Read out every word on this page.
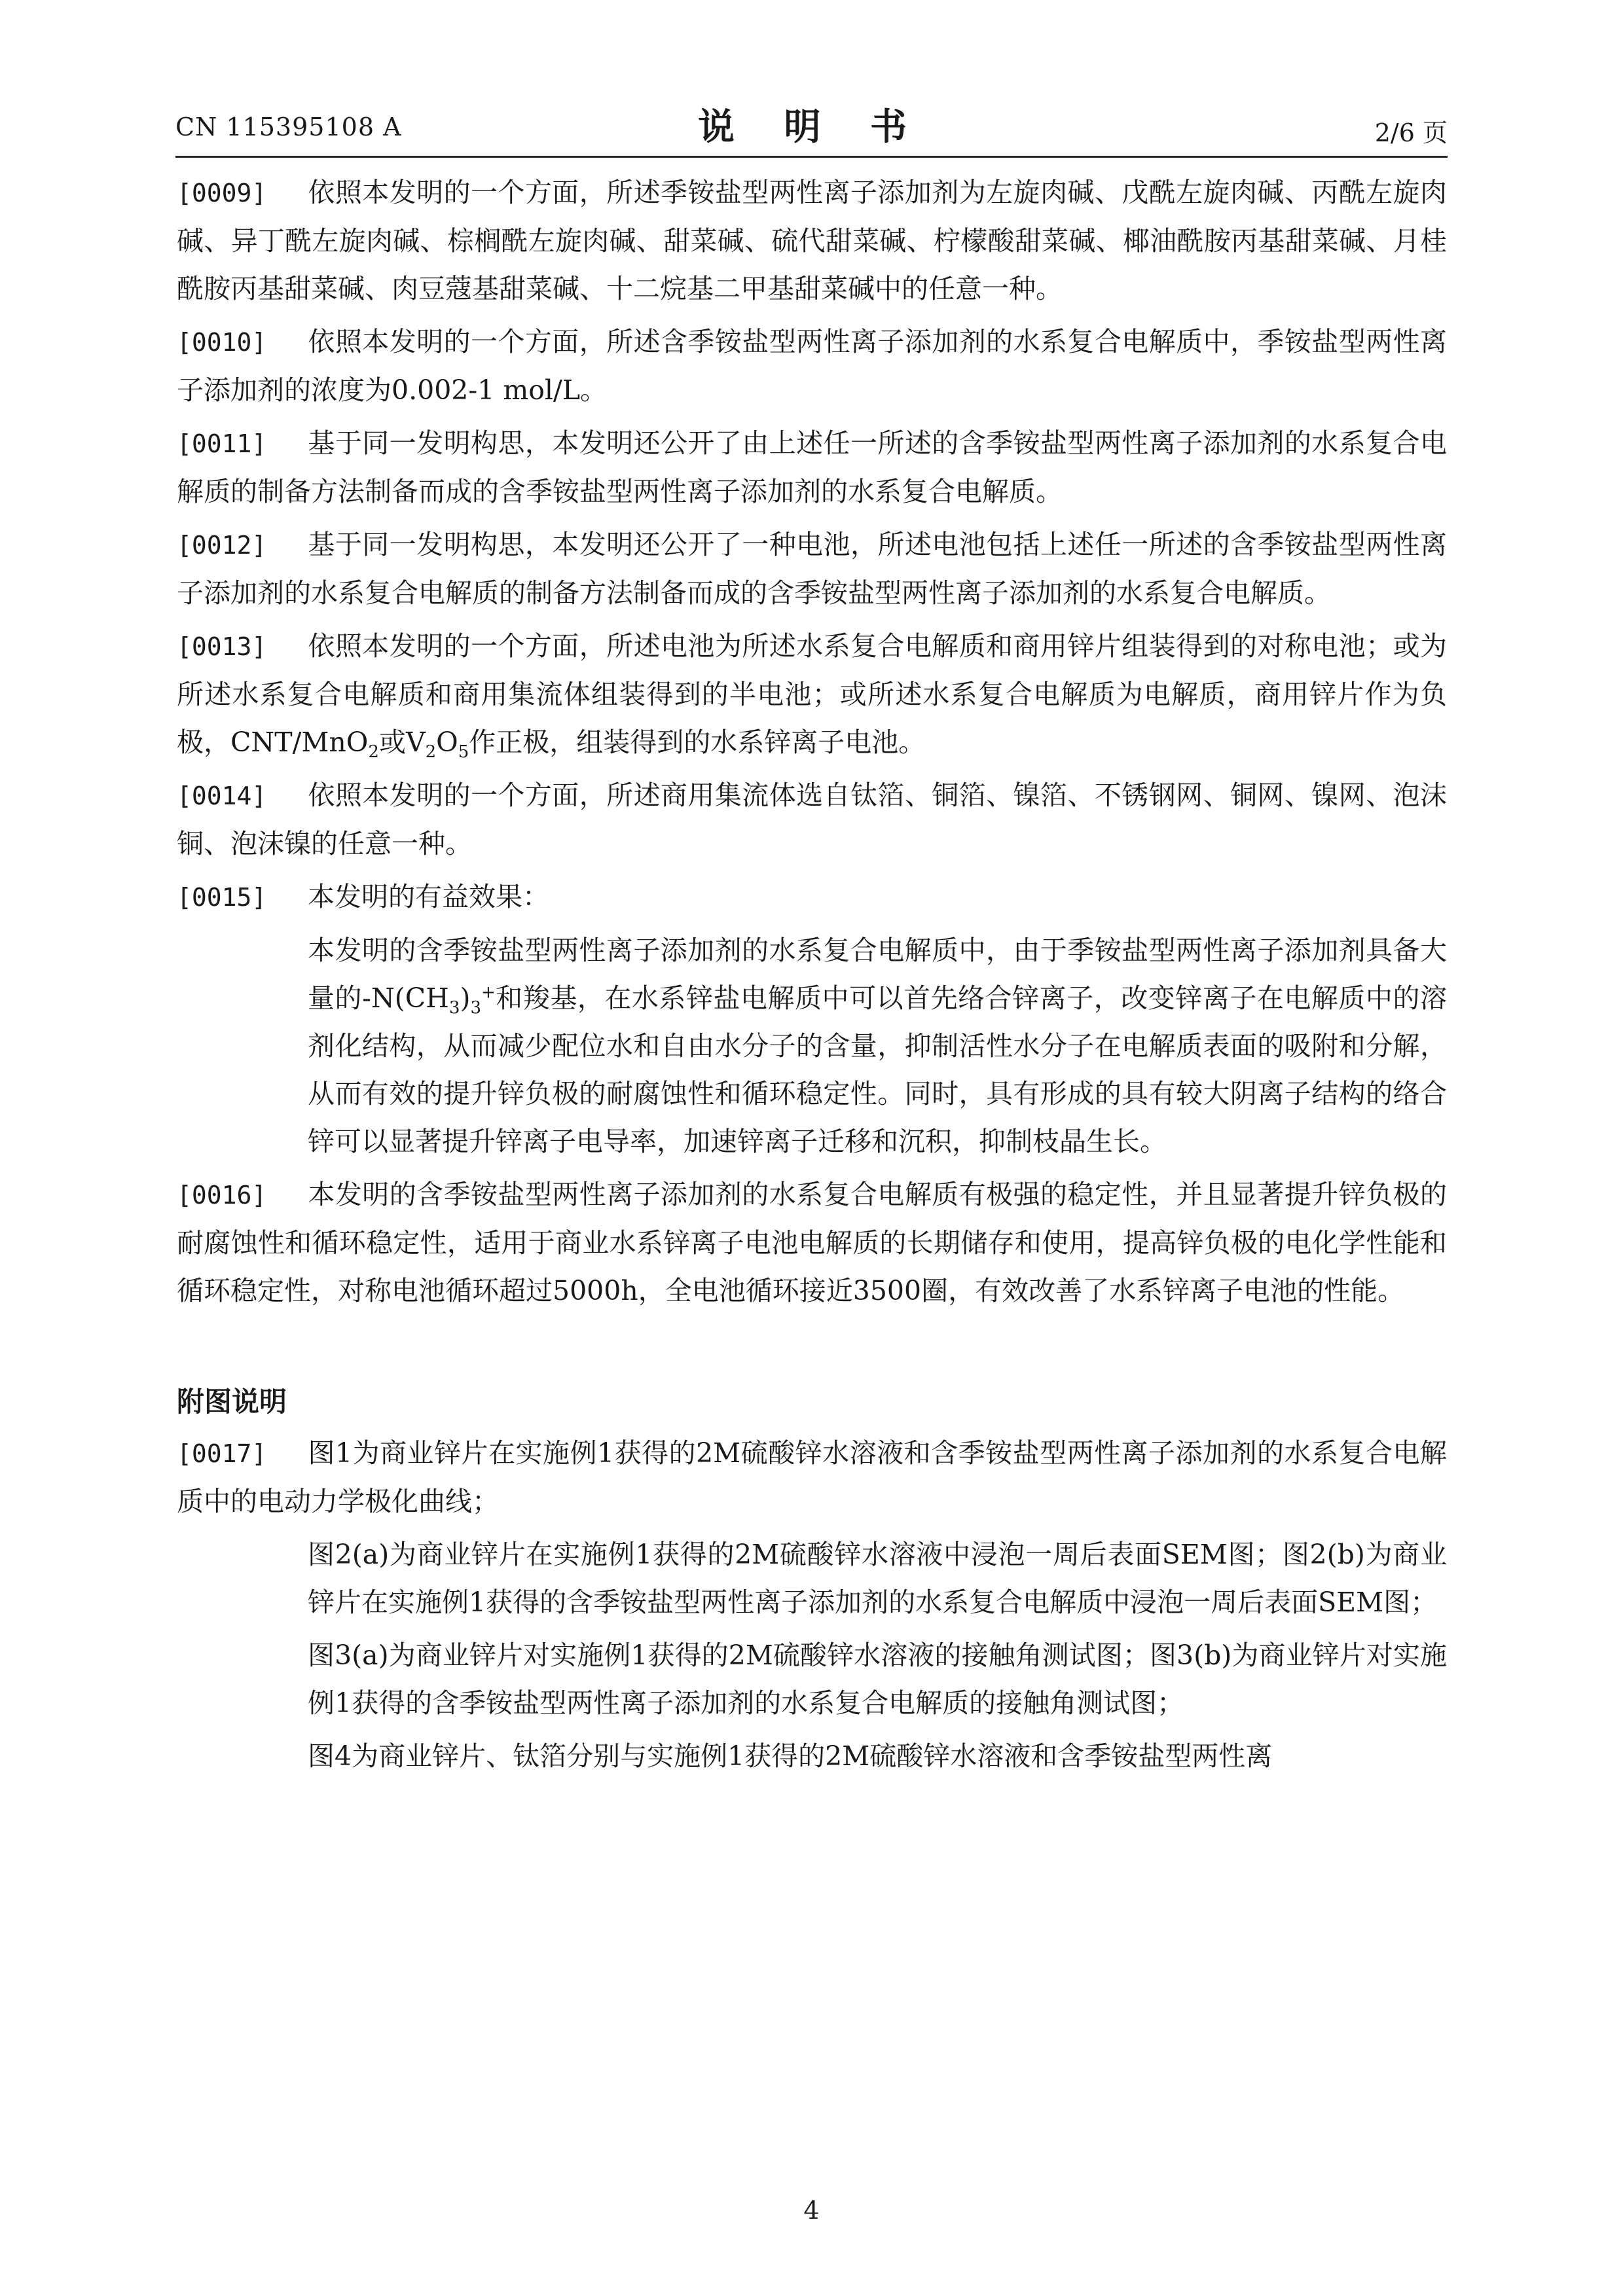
CN 115395108 A	说 明 书	2/6 页

[0009] 依照本发明的一个方面，所述季铵盐型两性离子添加剂为左旋肉碱、戊酰左旋肉碱、丙酰左旋肉碱、异丁酰左旋肉碱、棕榈酰左旋肉碱、甜菜碱、硫代甜菜碱、柠檬酸甜菜碱、椰油酰胺丙基甜菜碱、月桂酰胺丙基甜菜碱、肉豆蔻基甜菜碱、十二烷基二甲基甜菜碱中的任意一种。

[0010] 依照本发明的一个方面，所述含季铵盐型两性离子添加剂的水系复合电解质中，季铵盐型两性离子添加剂的浓度为0.002-1 mol/L。

[0011] 基于同一发明构思，本发明还公开了由上述任一所述的含季铵盐型两性离子添加剂的水系复合电解质的制备方法制备而成的含季铵盐型两性离子添加剂的水系复合电解质。

[0012] 基于同一发明构思，本发明还公开了一种电池，所述电池包括上述任一所述的含季铵盐型两性离子添加剂的水系复合电解质的制备方法制备而成的含季铵盐型两性离子添加剂的水系复合电解质。

[0013] 依照本发明的一个方面，所述电池为所述水系复合电解质和商用锌片组装得到的对称电池；或为所述水系复合电解质和商用集流体组装得到的半电池；或所述水系复合电解质为电解质，商用锌片作为负极，CNT/MnO$_2$或$V_2O_5$作正极，组装得到的水系锌离子电池。

[0014] 依照本发明的一个方面，所述商用集流体选自钛箔、铜箔、镍箔、不锈钢网、铜网、镍网、泡沫铜、泡沫镍的任意一种。

[0015] 本发明的有益效果：

本发明的含季铵盐型两性离子添加剂的水系复合电解质中，由于季铵盐型两性离子添加剂具备大量的$-N(CH_3)_3^+$和羧基，在水系锌盐电解质中可以首先络合锌离子，改变锌离子在电解质中的溶剂化结构，从而减少配位水和自由水分子的含量，抑制活性水分子在电解质表面的吸附和分解，从而有效的提升锌负极的耐腐蚀性和循环稳定性。同时，具有形成的具有较大阴离子结构的络合锌可以显著提升锌离子电导率，加速锌离子迁移和沉积，抑制枝晶生长。

[0016] 本发明的含季铵盐型两性离子添加剂的水系复合电解质有极强的稳定性，并且显著提升锌负极的耐腐蚀性和循环稳定性，适用于商业水系锌离子电池电解质的长期储存和使用，提高锌负极的电化学性能和循环稳定性，对称电池循环超过5000h，全电池循环接近3500圈，有效改善了水系锌离子电池的性能。

附图说明

[0017] 图1为商业锌片在实施例1获得的2M硫酸锌水溶液和含季铵盐型两性离子添加剂的水系复合电解质中的电动力学极化曲线；

图2(a)为商业锌片在实施例1获得的2M硫酸锌水溶液中浸泡一周后表面SEM图；图2(b)为商业锌片在实施例1获得的含季铵盐型两性离子添加剂的水系复合电解质中浸泡一周后表面SEM图；

图3(a)为商业锌片对实施例1获得的2M硫酸锌水溶液的接触角测试图；图3(b)为商业锌片对实施例1获得的含季铵盐型两性离子添加剂的水系复合电解质的接触角测试图；

图4为商业锌片、钛箔分别与实施例1获得的2M硫酸锌水溶液和含季铵盐型两性离

4
